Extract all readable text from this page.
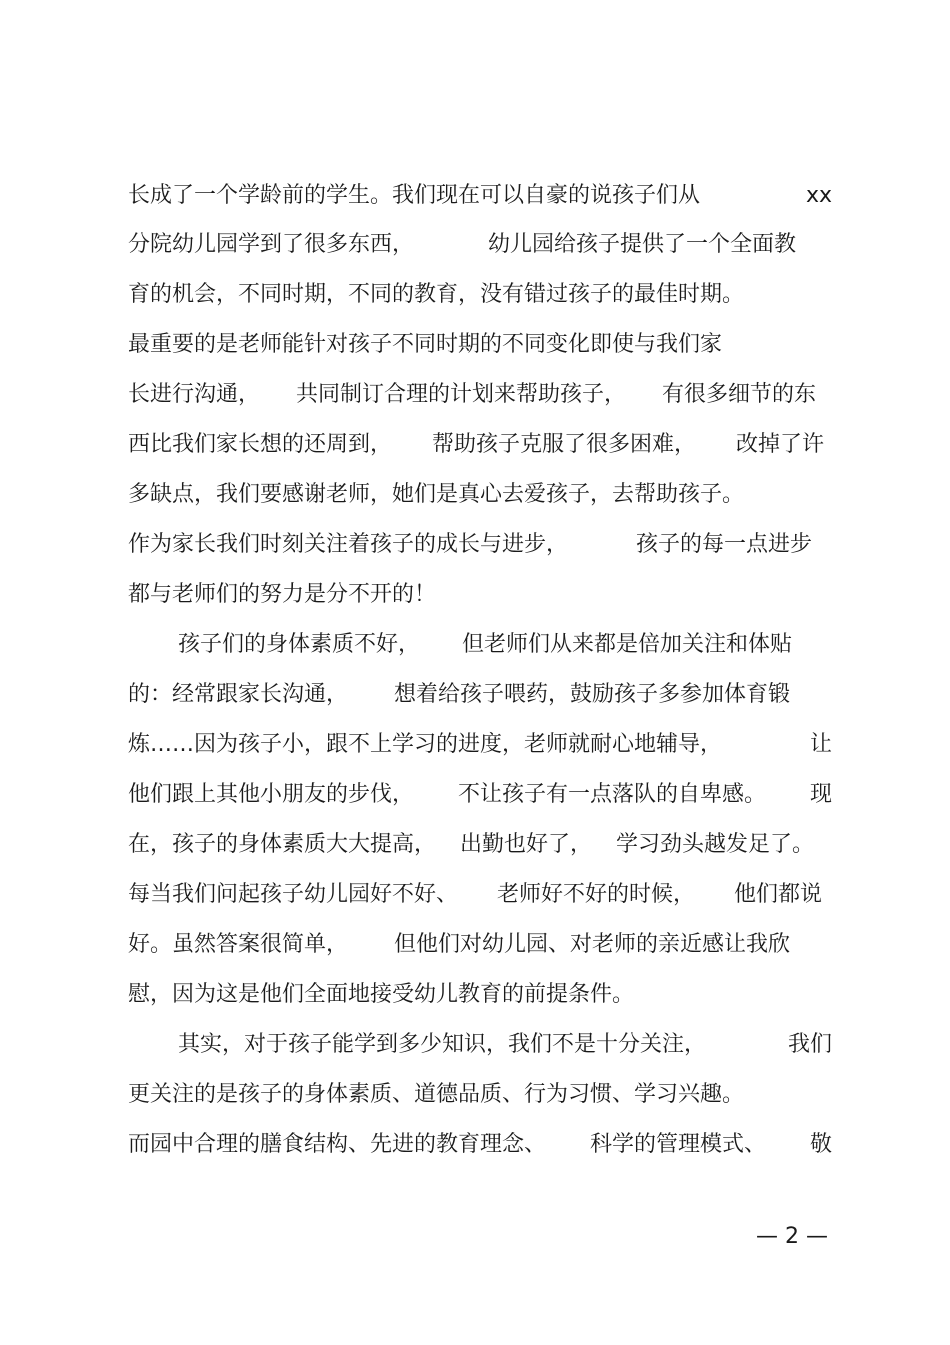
长成了一个学龄前的学生。我们现在可以自豪的说孩子们从	xx
分院幼儿园学到了很多东西，	幼儿园给孩子提供了一个全面教
育的机会，不同时期，不同的教育，没有错过孩子的最佳时期。
最重要的是老师能针对孩子不同时期的不同变化即使与我们家
长进行沟通， 共同制订合理的计划来帮助孩子， 有很多细节的东
西比我们家长想的还周到， 帮助孩子克服了很多困难， 改掉了许
多缺点，我们要感谢老师，她们是真心去爱孩子，去帮助孩子。
作为家长我们时刻关注着孩子的成长与进步，	孩子的每一点进步
都与老师们的努力是分不开的！
孩子们的身体素质不好， 但老师们从来都是倍加关注和体贴
的：经常跟家长沟通， 想着给孩子喂药，鼓励孩子多参加体育锻
炼……因为孩子小，跟不上学习的进度，老师就耐心地辅导，	让
他们跟上其他小朋友的步伐， 不让孩子有一点落队的自卑感。 现
在，孩子的身体素质大大提高， 出勤也好了， 学习劲头越发足了。
每当我们问起孩子幼儿园好不好、 老师好不好的时候， 他们都说
好。虽然答案很简单， 但他们对幼儿园、对老师的亲近感让我欣
慰，因为这是他们全面地接受幼儿教育的前提条件。
其实，对于孩子能学到多少知识，我们不是十分关注，	我们
更关注的是孩子的身体素质、道德品质、行为习惯、学习兴趣。
而园中合理的膳食结构、先进的教育理念、 科学的管理模式、 敬
— 2 —
